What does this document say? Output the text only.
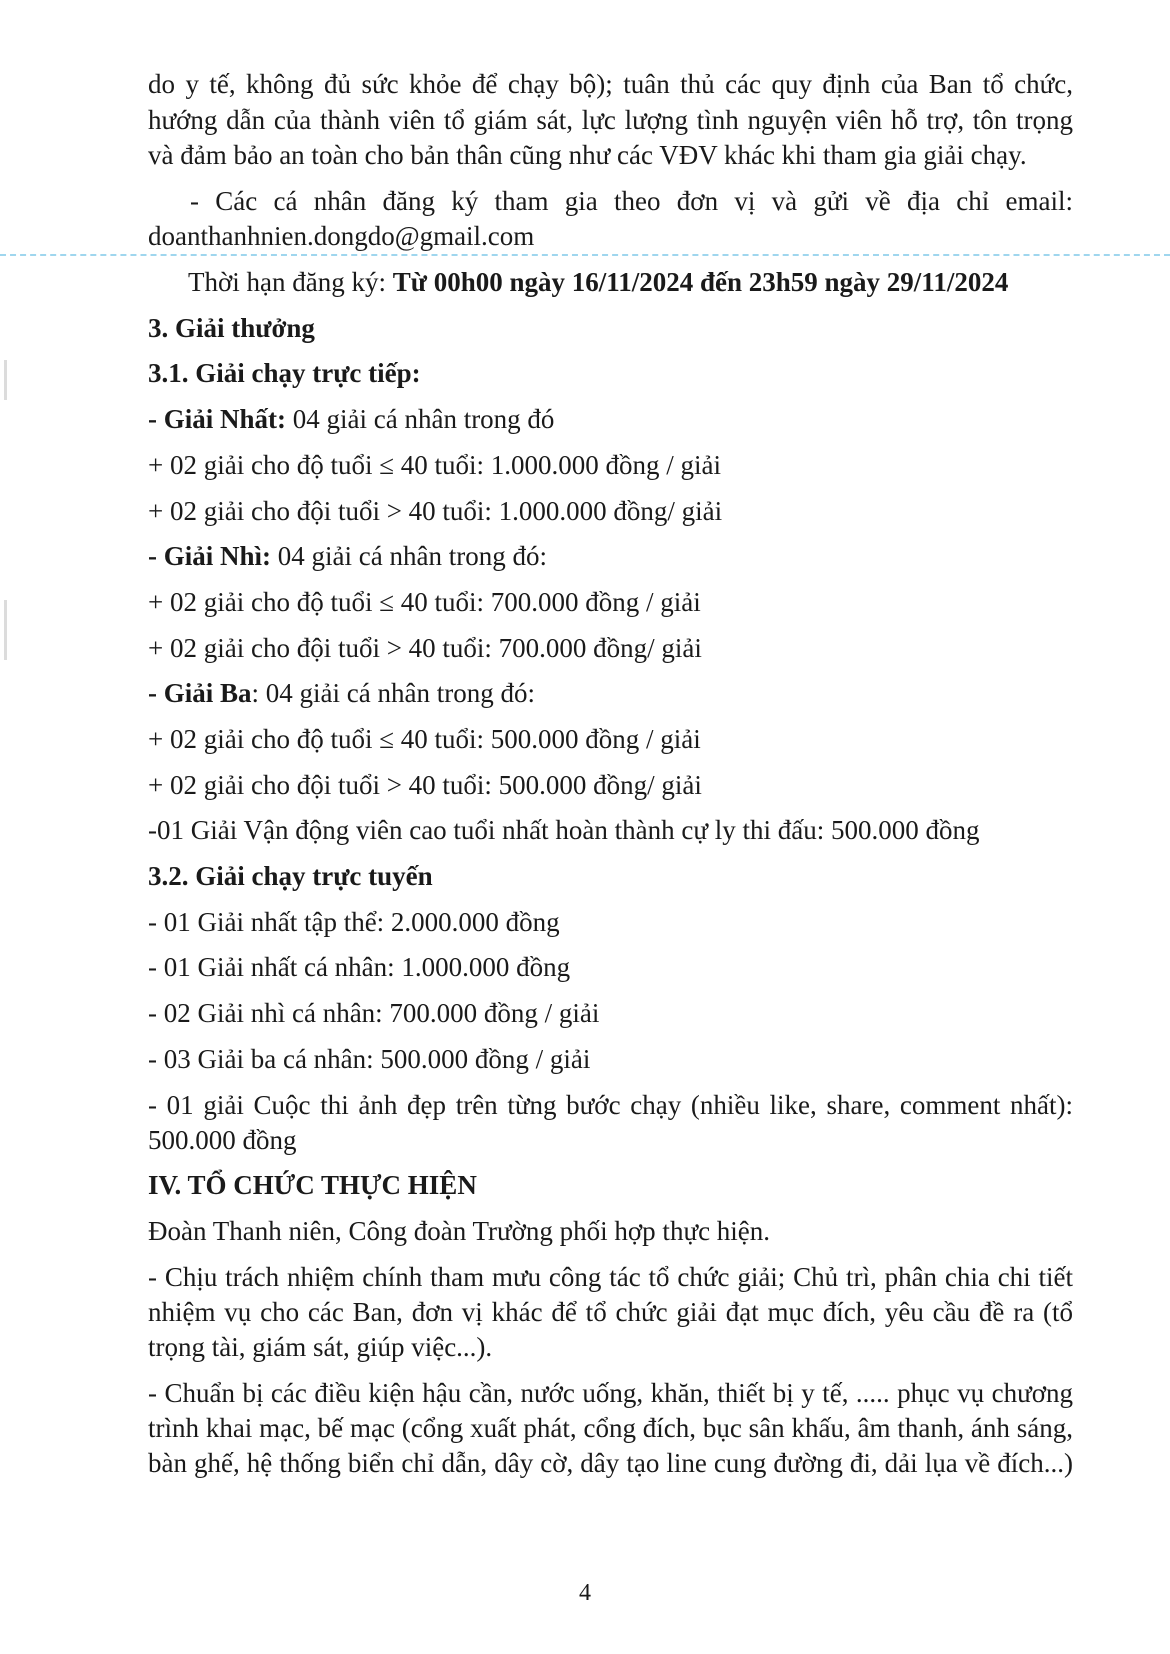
do y tế, không đủ sức khỏe để chạy bộ); tuân thủ các quy định của Ban tổ chức,
hướng dẫn của thành viên tổ giám sát, lực lượng tình nguyện viên hỗ trợ, tôn trọng
và đảm bảo an toàn cho bản thân cũng như các VĐV khác khi tham gia giải chạy.
- Các cá nhân đăng ký tham gia theo đơn vị và gửi về địa chỉ email:
doanthanhnien.dongdo@gmail.com
Thời hạn đăng ký: Từ 00h00 ngày 16/11/2024 đến 23h59 ngày 29/11/2024
3. Giải thưởng
3.1. Giải chạy trực tiếp:
- Giải Nhất: 04 giải cá nhân trong đó
+ 02 giải cho độ tuổi ≤ 40 tuổi: 1.000.000 đồng / giải
+ 02 giải cho đội tuổi > 40 tuổi: 1.000.000 đồng/ giải
- Giải Nhì: 04 giải cá nhân trong đó:
+ 02 giải cho độ tuổi ≤ 40 tuổi: 700.000 đồng / giải
+ 02 giải cho đội tuổi > 40 tuổi: 700.000 đồng/ giải
- Giải Ba: 04 giải cá nhân trong đó:
+ 02 giải cho độ tuổi ≤ 40 tuổi: 500.000 đồng / giải
+ 02 giải cho đội tuổi > 40 tuổi: 500.000 đồng/ giải
-01 Giải Vận động viên cao tuổi nhất hoàn thành cự ly thi đấu: 500.000 đồng
3.2. Giải chạy trực tuyến
- 01 Giải nhất tập thể: 2.000.000 đồng
- 01 Giải nhất cá nhân: 1.000.000 đồng
- 02 Giải nhì cá nhân: 700.000 đồng / giải
- 03 Giải ba cá nhân: 500.000 đồng / giải
- 01 giải Cuộc thi ảnh đẹp trên từng bước chạy (nhiều like, share, comment nhất):
500.000 đồng
IV. TỔ CHỨC THỰC HIỆN
Đoàn Thanh niên, Công đoàn Trường phối hợp thực hiện.
- Chịu trách nhiệm chính tham mưu công tác tổ chức giải; Chủ trì, phân chia chi tiết
nhiệm vụ cho các Ban, đơn vị khác để tổ chức giải đạt mục đích, yêu cầu đề ra (tổ
trọng tài, giám sát, giúp việc...).
- Chuẩn bị các điều kiện hậu cần, nước uống, khăn, thiết bị y tế, ..... phục vụ chương
trình khai mạc, bế mạc (cổng xuất phát, cổng đích, bục sân khấu, âm thanh, ánh sáng,
bàn ghế, hệ thống biển chỉ dẫn, dây cờ, dây tạo line cung đường đi, dải lụa về đích...)
4
